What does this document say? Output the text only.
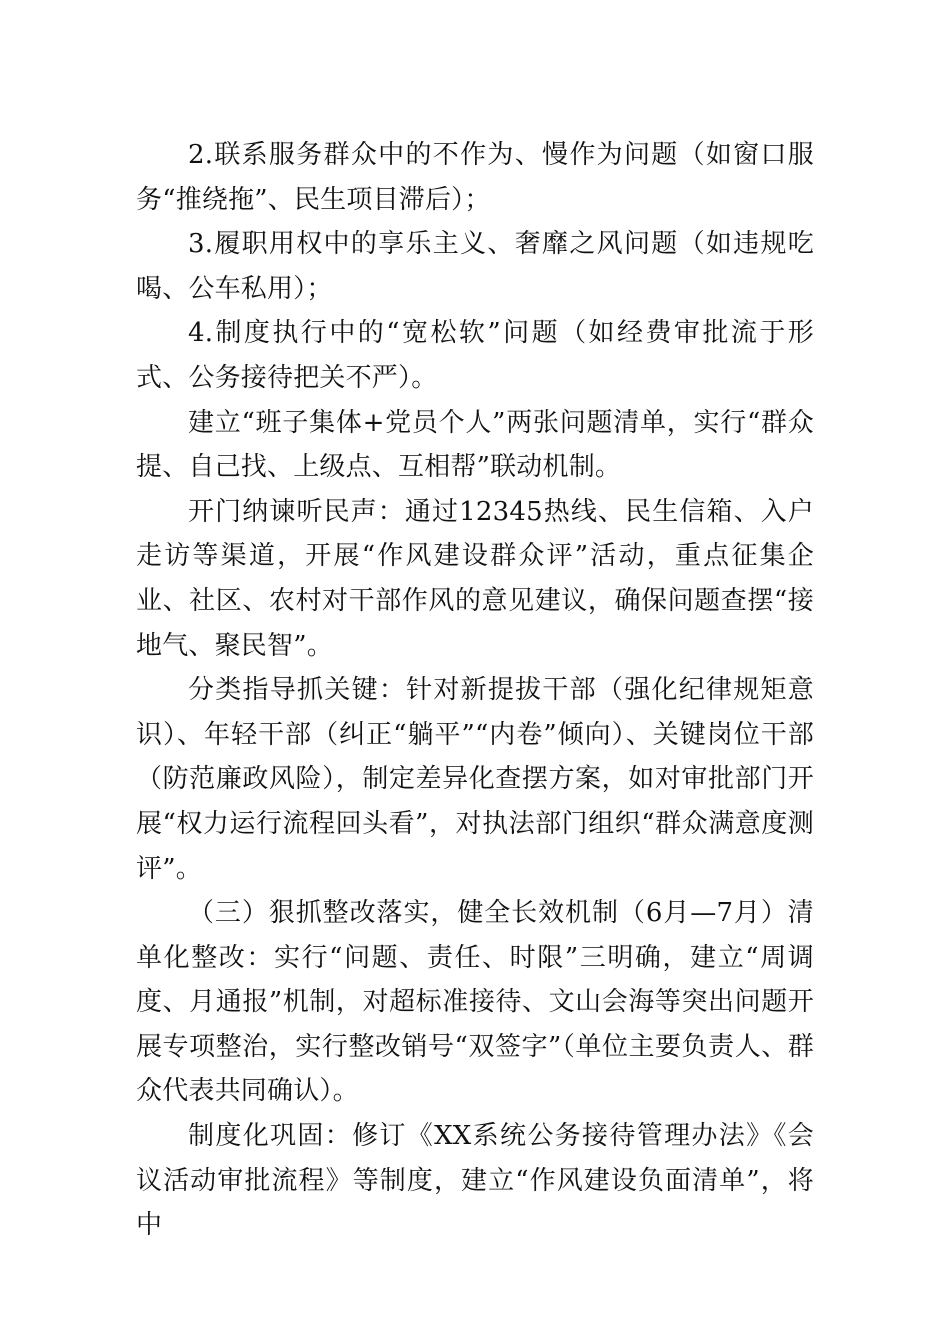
2.联系服务群众中的不作为、慢作为问题（如窗口服务“推绕拖”、民生项目滞后）；

3.履职用权中的享乐主义、奢靡之风问题（如违规吃喝、公车私用）；

4.制度执行中的“宽松软”问题（如经费审批流于形式、公务接待把关不严）。

建立“班子集体+党员个人”两张问题清单，实行“群众提、自己找、上级点、互相帮”联动机制。

开门纳谏听民声：通过12345热线、民生信箱、入户走访等渠道，开展“作风建设群众评”活动，重点征集企业、社区、农村对干部作风的意见建议，确保问题查摆“接地气、聚民智”。

分类指导抓关键：针对新提拔干部（强化纪律规矩意识）、年轻干部（纠正“躺平”“内卷”倾向）、关键岗位干部（防范廉政风险），制定差异化查摆方案，如对审批部门开展“权力运行流程回头看”，对执法部门组织“群众满意度测评”。

（三）狠抓整改落实，健全长效机制（6月—7月）清单化整改：实行“问题、责任、时限”三明确，建立“周调度、月通报”机制，对超标准接待、文山会海等突出问题开展专项整治，实行整改销号“双签字”（单位主要负责人、群众代表共同确认）。

制度化巩固：修订《XX系统公务接待管理办法》《会议活动审批流程》等制度，建立“作风建设负面清单”，将中
